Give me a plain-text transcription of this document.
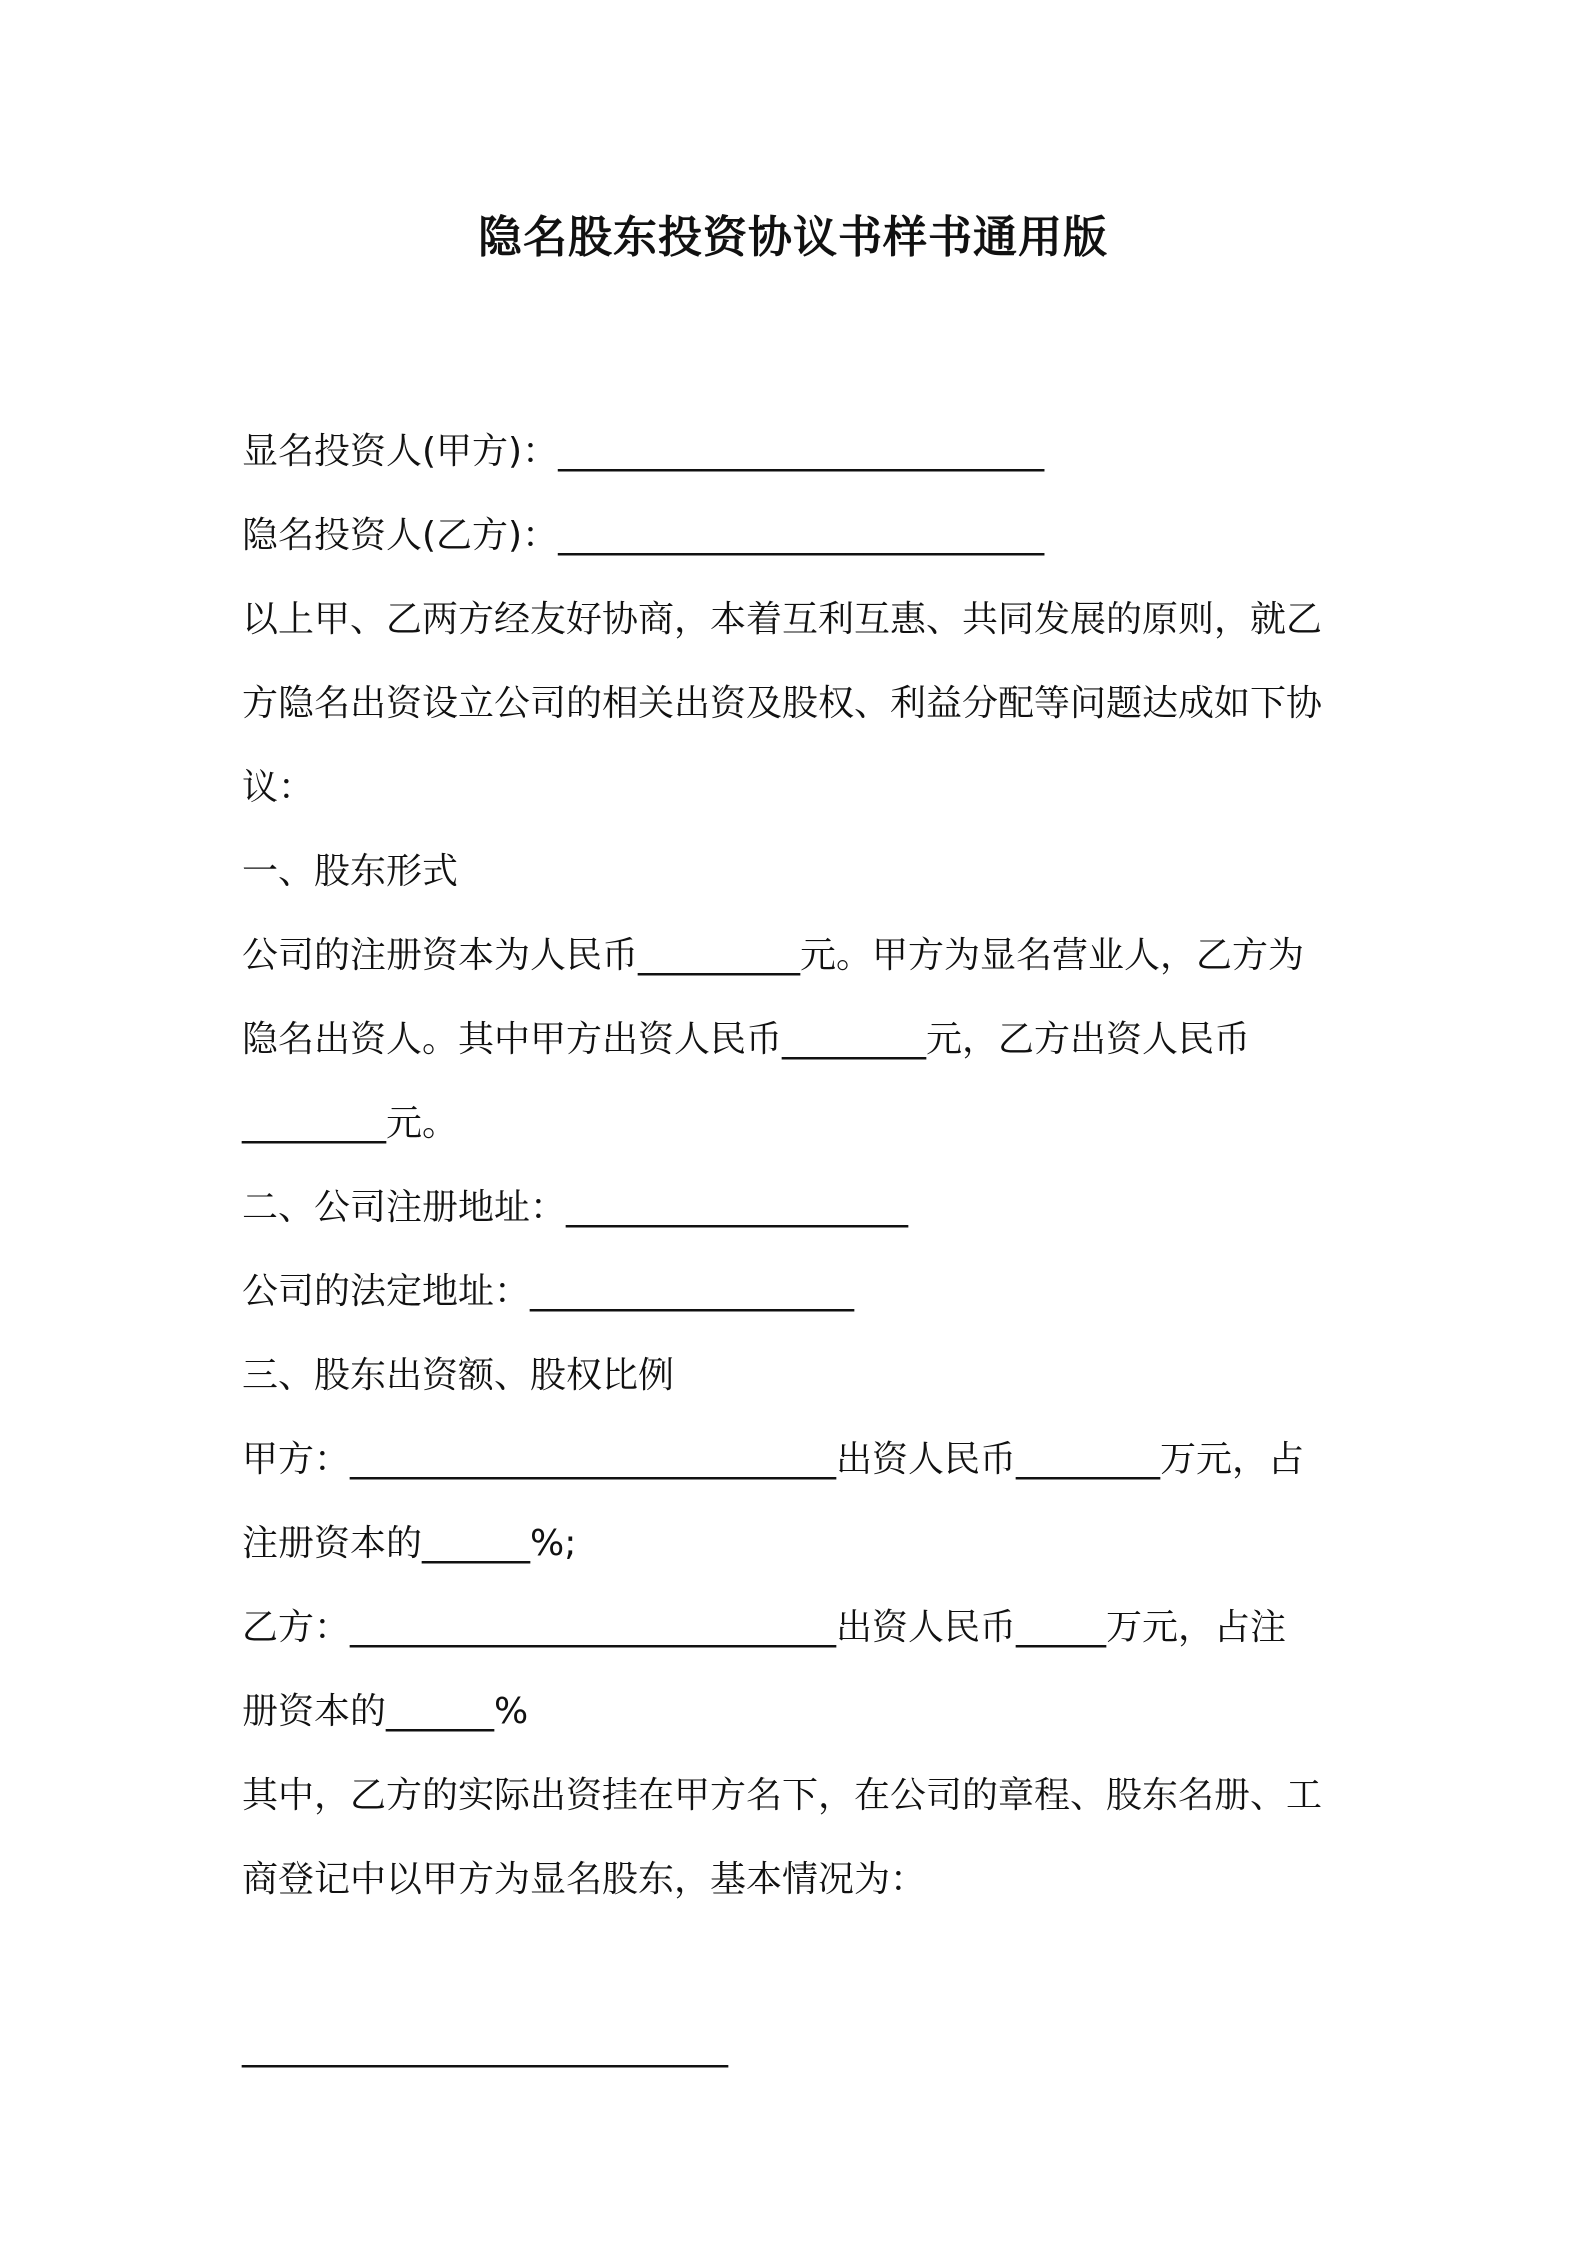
隐名股东投资协议书样书通用版
显名投资人(甲方)：___________________________
隐名投资人(乙方)：___________________________
以上甲、乙两方经友好协商，本着互利互惠、共同发展的原则，就乙
方隐名出资设立公司的相关出资及股权、利益分配等问题达成如下协
议：
一、股东形式
公司的注册资本为人民币_________元。甲方为显名营业人，乙方为
隐名出资人。其中甲方出资人民币________元，乙方出资人民币
________元。
二、公司注册地址：___________________
公司的法定地址：__________________
三、股东出资额、股权比例
甲方：___________________________出资人民币________万元，占
注册资本的______%;
乙方：___________________________出资人民币_____万元，占注
册资本的______%
其中，乙方的实际出资挂在甲方名下，在公司的章程、股东名册、工
商登记中以甲方为显名股东，基本情况为：
___________________________
